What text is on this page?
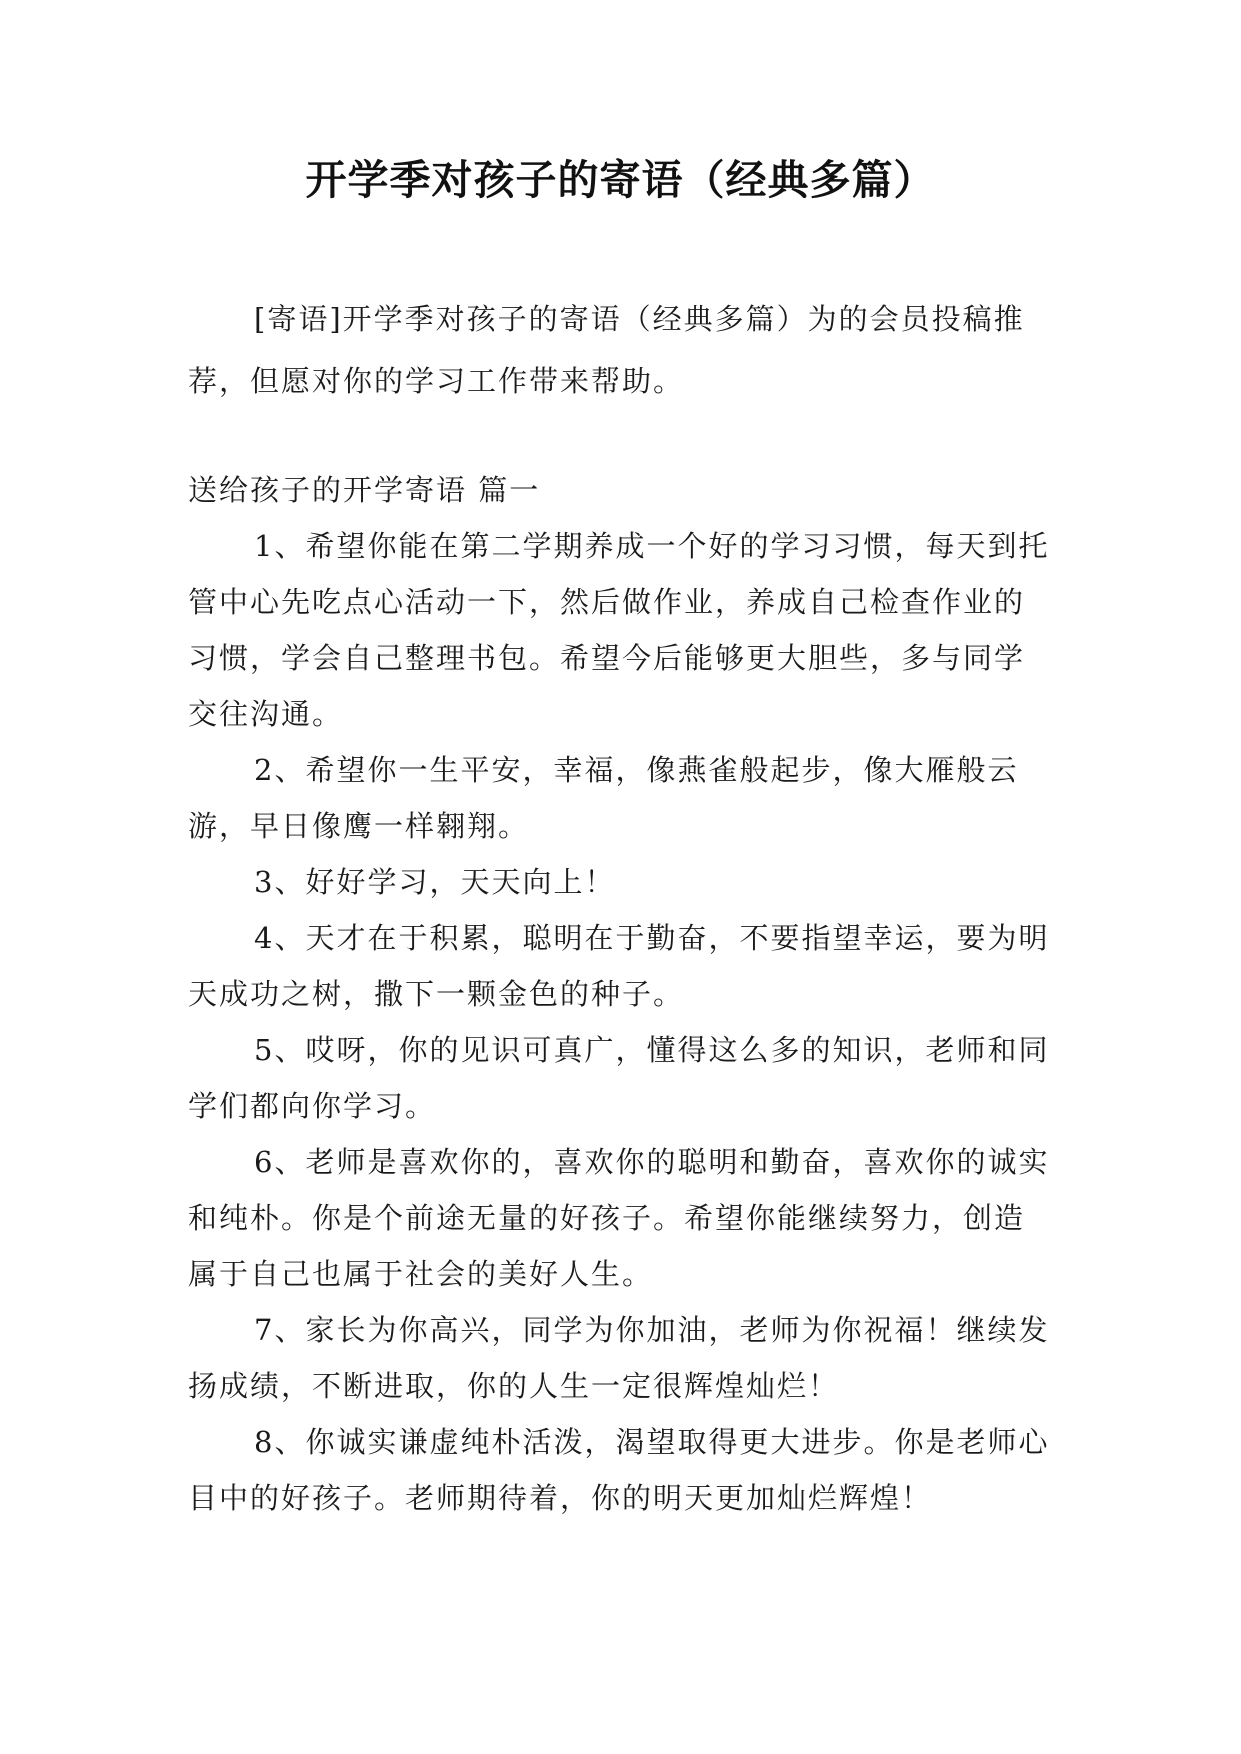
开学季对孩子的寄语（经典多篇）
[寄语]开学季对孩子的寄语（经典多篇）为的会员投稿推荐，但愿对你的学习工作带来帮助。

送给孩子的开学寄语 篇一

1、希望你能在第二学期养成一个好的学习习惯，每天到托管中心先吃点心活动一下，然后做作业，养成自己检查作业的习惯，学会自己整理书包。希望今后能够更大胆些，多与同学交往沟通。

2、希望你一生平安，幸福，像燕雀般起步，像大雁般云游，早日像鹰一样翱翔。

3、好好学习，天天向上！

4、天才在于积累，聪明在于勤奋，不要指望幸运，要为明天成功之树，撒下一颗金色的种子。

5、哎呀，你的见识可真广，懂得这么多的知识，老师和同学们都向你学习。

6、老师是喜欢你的，喜欢你的聪明和勤奋，喜欢你的诚实和纯朴。你是个前途无量的好孩子。希望你能继续努力，创造属于自己也属于社会的美好人生。

7、家长为你高兴，同学为你加油，老师为你祝福！继续发扬成绩，不断进取，你的人生一定很辉煌灿烂！

8、你诚实谦虚纯朴活泼，渴望取得更大进步。你是老师心目中的好孩子。老师期待着，你的明天更加灿烂辉煌！
